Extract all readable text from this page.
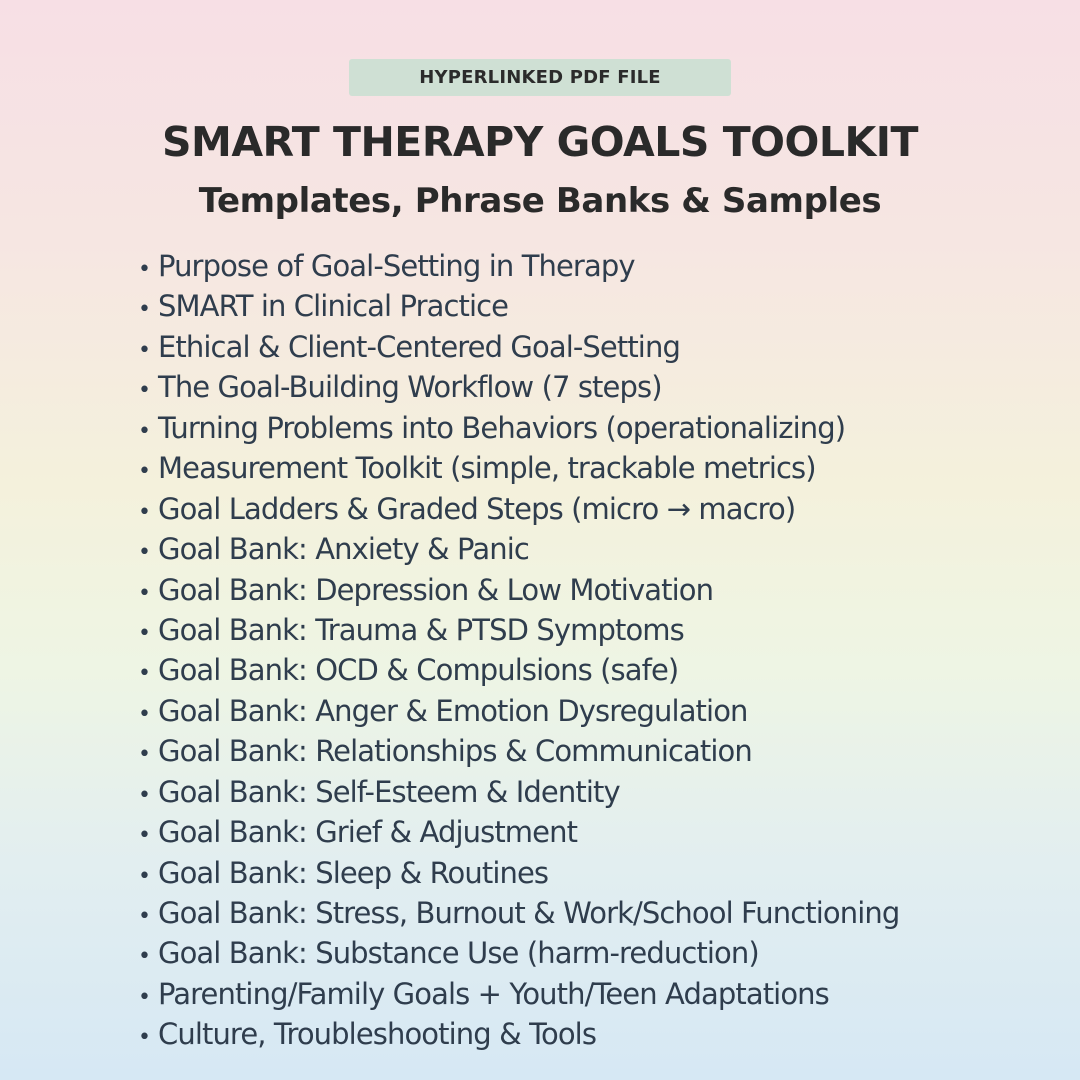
HYPERLINKED PDF FILE
SMART THERAPY GOALS TOOLKIT
Templates, Phrase Banks & Samples
• Purpose of Goal-Setting in Therapy
• SMART in Clinical Practice
• Ethical & Client-Centered Goal-Setting
• The Goal-Building Workflow (7 steps)
• Turning Problems into Behaviors (operationalizing)
• Measurement Toolkit (simple, trackable metrics)
• Goal Ladders & Graded Steps (micro → macro)
• Goal Bank: Anxiety & Panic
• Goal Bank: Depression & Low Motivation
• Goal Bank: Trauma & PTSD Symptoms
• Goal Bank: OCD & Compulsions (safe)
• Goal Bank: Anger & Emotion Dysregulation
• Goal Bank: Relationships & Communication
• Goal Bank: Self-Esteem & Identity
• Goal Bank: Grief & Adjustment
• Goal Bank: Sleep & Routines
• Goal Bank: Stress, Burnout & Work/School Functioning
• Goal Bank: Substance Use (harm-reduction)
• Parenting/Family Goals + Youth/Teen Adaptations
• Culture, Troubleshooting & Tools
